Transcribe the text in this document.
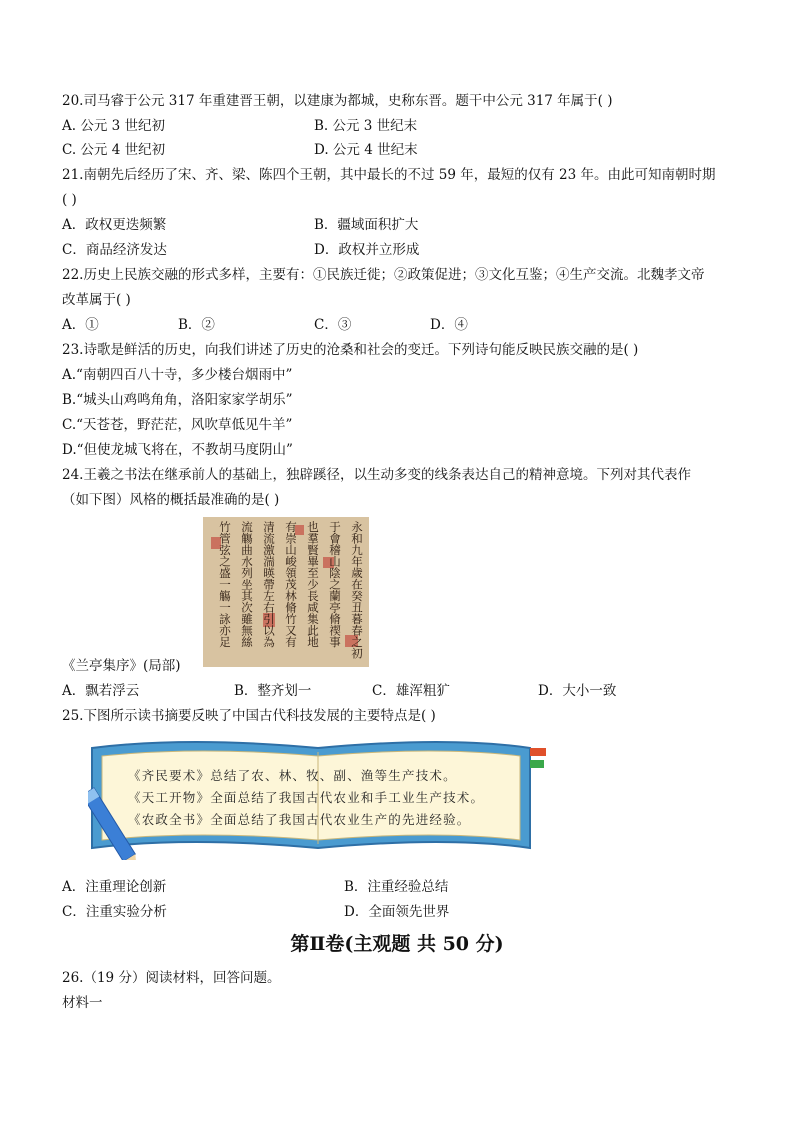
20.司马睿于公元 317 年重建晋王朝，以建康为都城，史称东晋。题干中公元 317 年属于( )
A. 公元 3 世纪初	B. 公元 3 世纪末
C. 公元 4 世纪初	D. 公元 4 世纪末
21.南朝先后经历了宋、齐、梁、陈四个王朝，其中最长的不过 59 年，最短的仅有 23 年。由此可知南朝时期
( )
A．政权更迭频繁	B．疆域面积扩大
C．商品经济发达	D．政权并立形成
22.历史上民族交融的形式多样，主要有：①民族迁徙；②政策促进；③文化互鉴；④生产交流。北魏孝文帝
改革属于( )
A．①	B．②	C．③	D．④
23.诗歌是鲜活的历史，向我们讲述了历史的沧桑和社会的变迁。下列诗句能反映民族交融的是( )
A.“南朝四百八十寺，多少楼台烟雨中”
B.“城头山鸡鸣角角，洛阳家家学胡乐”
C.“天苍苍，野茫茫，风吹草低见牛羊”
D.“但使龙城飞将在，不教胡马度阴山”
24.王羲之书法在继承前人的基础上，独辟蹊径，以生动多变的线条表达自己的精神意境。下列对其代表作
（如下图）风格的概括最准确的是( )
永和九年歲在癸丑暮春之初
于會稽山陰之蘭亭脩禊事
也羣賢畢至少長咸集此地
有崇山峻領茂林脩竹又有
清流激湍暎帶左右引以為
流觴曲水列坐其次雖無絲
竹管弦之盛一觴一詠亦足
《兰亭集序》(局部)
A．飘若浮云	B．整齐划一	C．雄浑粗犷	D．大小一致
25.下图所示读书摘要反映了中国古代科技发展的主要特点是( )
《齐民要术》总结了农、林、牧、副、渔等生产技术。
《天工开物》全面总结了我国古代农业和手工业生产技术。
《农政全书》全面总结了我国古代农业生产的先进经验。
A．注重理论创新	B．注重经验总结
C．注重实验分析	D．全面领先世界
第Ⅱ卷(主观题 共 50 分)
26.（19 分）阅读材料，回答问题。
材料一
